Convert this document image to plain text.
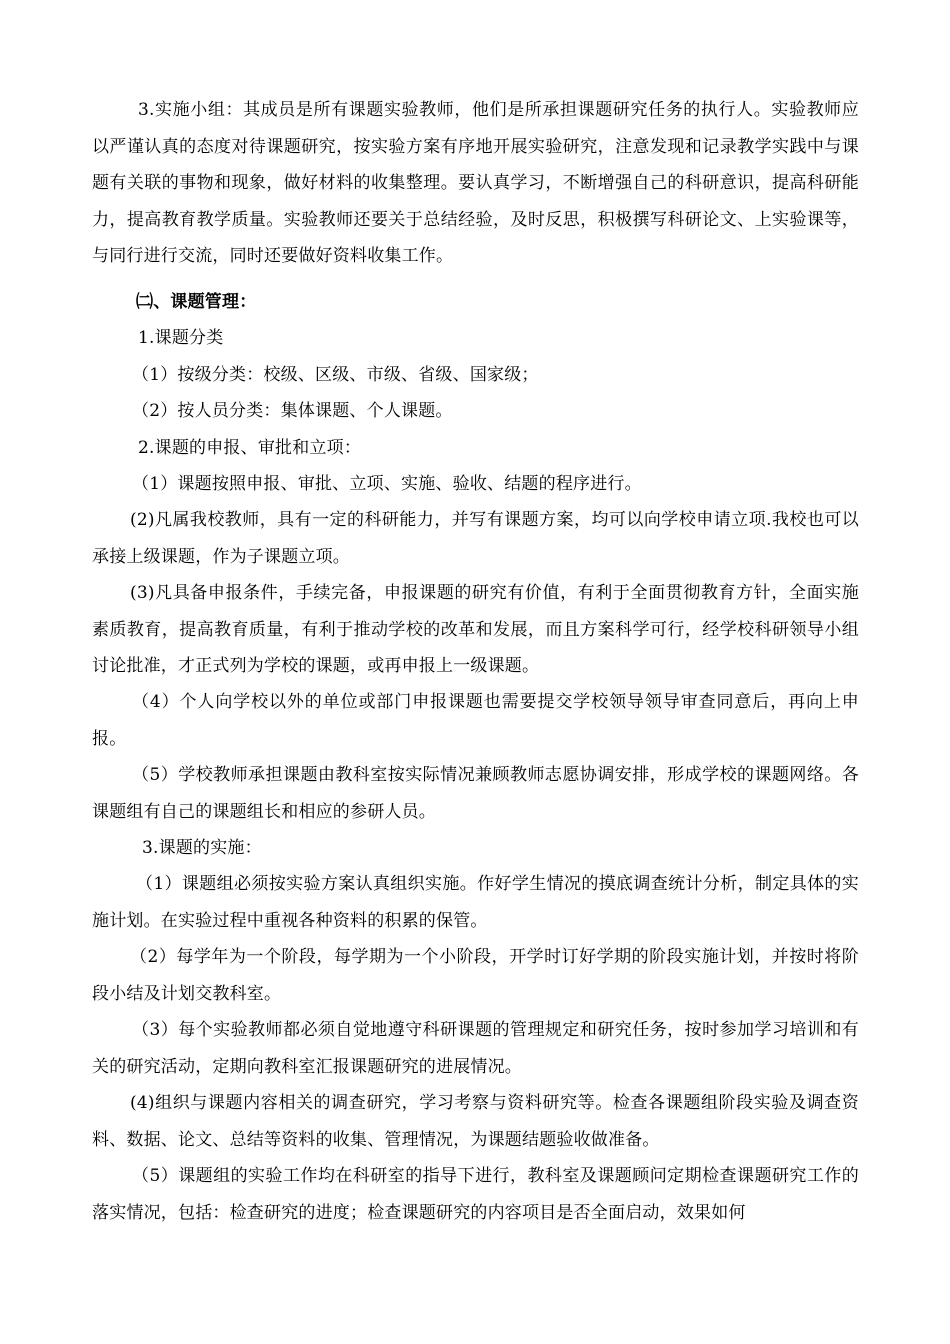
3.实施小组：其成员是所有课题实验教师，他们是所承担课题研究任务的执行人。实验教师应以严谨认真的态度对待课题研究，按实验方案有序地开展实验研究，注意发现和记录教学实践中与课题有关联的事物和现象，做好材料的收集整理。要认真学习，不断增强自己的科研意识，提高科研能力，提高教育教学质量。实验教师还要关于总结经验，及时反思，积极撰写科研论文、上实验课等，与同行进行交流，同时还要做好资料收集工作。

㈡、课题管理：

1.课题分类

（1）按级分类：校级、区级、市级、省级、国家级；

（2）按人员分类：集体课题、个人课题。

2.课题的申报、审批和立项：

（1）课题按照申报、审批、立项、实施、验收、结题的程序进行。

(2)凡属我校教师，具有一定的科研能力，并写有课题方案，均可以向学校申请立项.我校也可以承接上级课题，作为子课题立项。

(3)凡具备申报条件，手续完备，申报课题的研究有价值，有利于全面贯彻教育方针，全面实施素质教育，提高教育质量，有利于推动学校的改革和发展，而且方案科学可行，经学校科研领导小组讨论批准，才正式列为学校的课题，或再申报上一级课题。

（4）个人向学校以外的单位或部门申报课题也需要提交学校领导领导审查同意后，再向上申报。

（5）学校教师承担课题由教科室按实际情况兼顾教师志愿协调安排，形成学校的课题网络。各课题组有自己的课题组长和相应的参研人员。

3.课题的实施：

（1）课题组必须按实验方案认真组织实施。作好学生情况的摸底调查统计分析，制定具体的实施计划。在实验过程中重视各种资料的积累的保管。

（2）每学年为一个阶段，每学期为一个小阶段，开学时订好学期的阶段实施计划，并按时将阶段小结及计划交教科室。

（3）每个实验教师都必须自觉地遵守科研课题的管理规定和研究任务，按时参加学习培训和有关的研究活动，定期向教科室汇报课题研究的进展情况。

(4)组织与课题内容相关的调查研究，学习考察与资料研究等。检查各课题组阶段实验及调查资料、数据、论文、总结等资料的收集、管理情况，为课题结题验收做准备。

（5）课题组的实验工作均在科研室的指导下进行，教科室及课题顾问定期检查课题研究工作的落实情况，包括：检查研究的进度；检查课题研究的内容项目是否全面启动，效果如何
